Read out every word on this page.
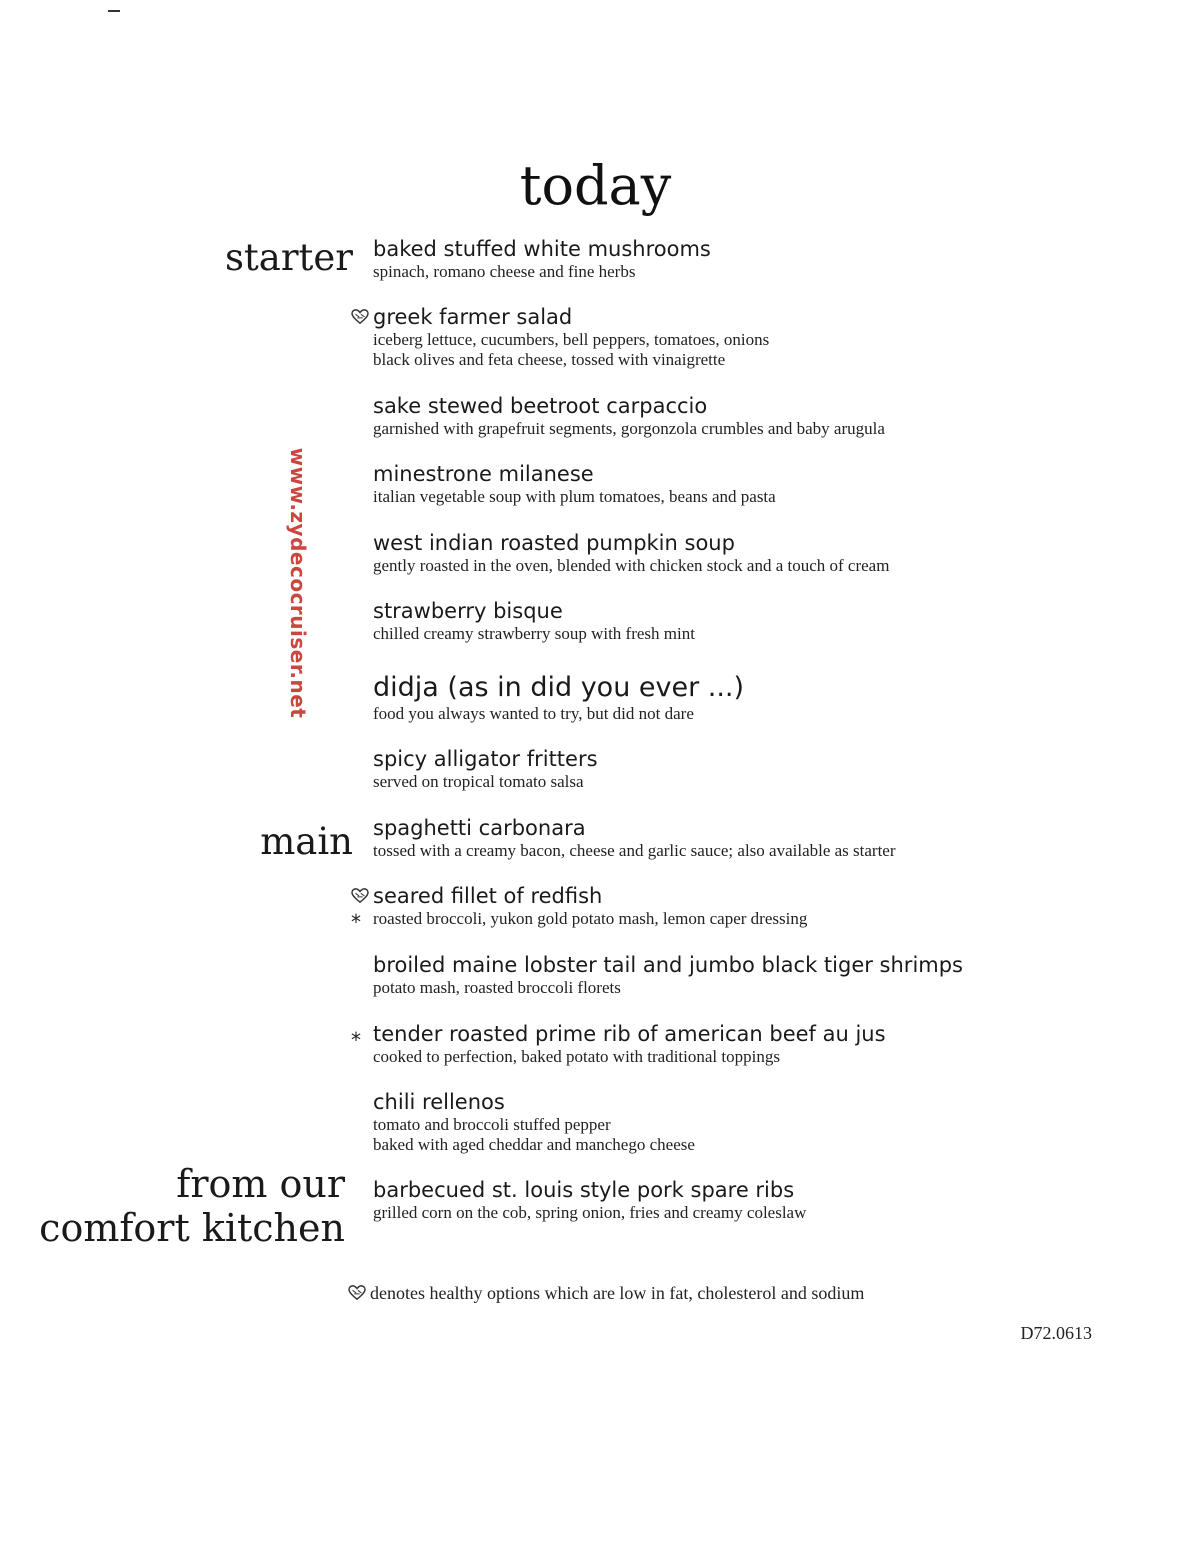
today
starter
main
from our
comfort kitchen
www.zydecocruiser.net
baked stuffed white mushrooms
spinach, romano cheese and fine herbs
greek farmer salad
iceberg lettuce, cucumbers, bell peppers, tomatoes, onions
black olives and feta cheese, tossed with vinaigrette
sake stewed beetroot carpaccio
garnished with grapefruit segments, gorgonzola crumbles and baby arugula
minestrone milanese
italian vegetable soup with plum tomatoes, beans and pasta
west indian roasted pumpkin soup
gently roasted in the oven, blended with chicken stock and a touch of cream
strawberry bisque
chilled creamy strawberry soup with fresh mint
didja (as in did you ever ...)
food you always wanted to try, but did not dare
spicy alligator fritters
served on tropical tomato salsa
spaghetti carbonara
tossed with a creamy bacon, cheese and garlic sauce; also available as starter
*
seared fillet of redfish
roasted broccoli, yukon gold potato mash, lemon caper dressing
broiled maine lobster tail and jumbo black tiger shrimps
potato mash, roasted broccoli florets
* tender roasted prime rib of american beef au jus
cooked to perfection, baked potato with traditional toppings
chili rellenos
tomato and broccoli stuffed pepper
baked with aged cheddar and manchego cheese
barbecued st. louis style pork spare ribs
grilled corn on the cob, spring onion, fries and creamy coleslaw
denotes healthy options which are low in fat, cholesterol and sodium
D72.0613
